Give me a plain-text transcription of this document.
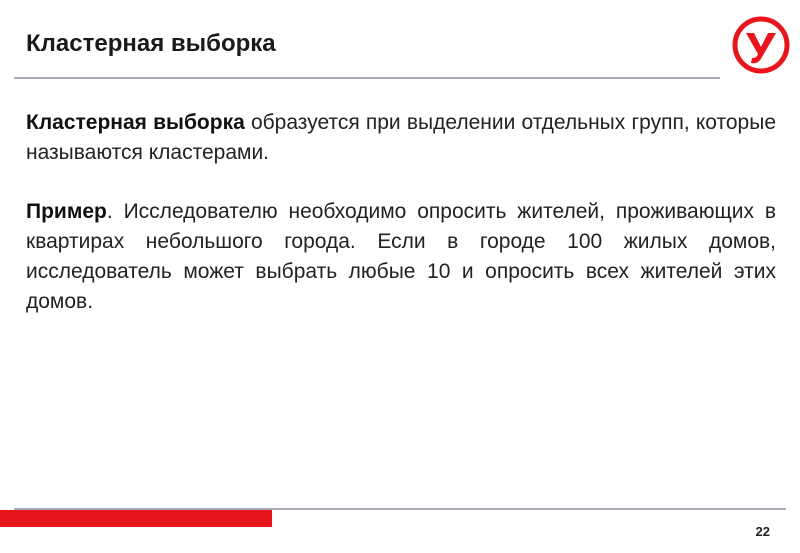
Кластерная выборка

Кластерная выборка образуется при выделении отдельных групп, которые называются кластерами.

Пример. Исследователю необходимо опросить жителей, проживающих в квартирах небольшого города. Если в городе 100 жилых домов, исследователь может выбрать любые 10 и опросить всех жителей этих домов.

22
